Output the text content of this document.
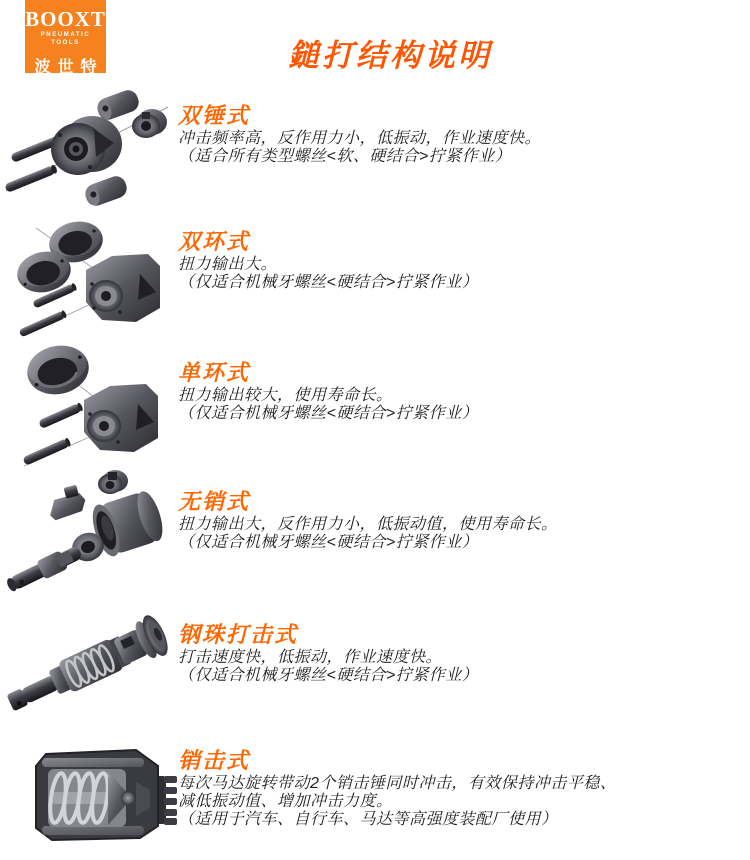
BOOXT ®
PNEUMATIC TOOLS
波世特	鎚打结构说明
双锤式
冲击频率高，反作用力小，低振动，作业速度快。
（适合所有类型螺丝<软、硬结合>拧紧作业）
双环式
扭力输出大。
（仅适合机械牙螺丝<硬结合>拧紧作业）
单环式
扭力输出较大，使用寿命长。
（仅适合机械牙螺丝<硬结合>拧紧作业）
无销式
扭力输出大，反作用力小，低振动值，使用寿命长。
（仅适合机械牙螺丝<硬结合>拧紧作业）
钢珠打击式
打击速度快，低振动，作业速度快。
（仅适合机械牙螺丝<硬结合>拧紧作业）
销击式
每次马达旋转带动2个销击锤同时冲击，有效保持冲击平稳、
减低振动值、增加冲击力度。
（适用于汽车、自行车、马达等高强度装配厂使用）
